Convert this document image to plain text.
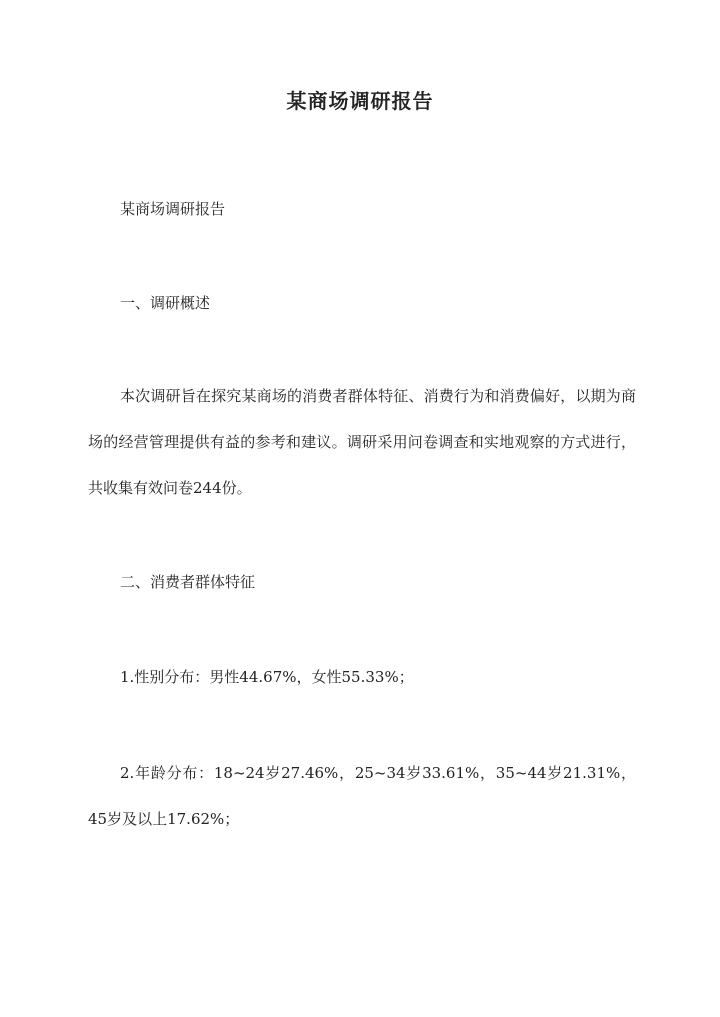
某商场调研报告
某商场调研报告
一、调研概述
本次调研旨在探究某商场的消费者群体特征、消费行为和消费偏好，以期为商场的经营管理提供有益的参考和建议。调研采用问卷调查和实地观察的方式进行，共收集有效问卷244份。
二、消费者群体特征
1.性别分布：男性44.67%，女性55.33%；
2.年龄分布：18~24岁27.46%，25~34岁33.61%，35~44岁21.31%，45岁及以上17.62%；
